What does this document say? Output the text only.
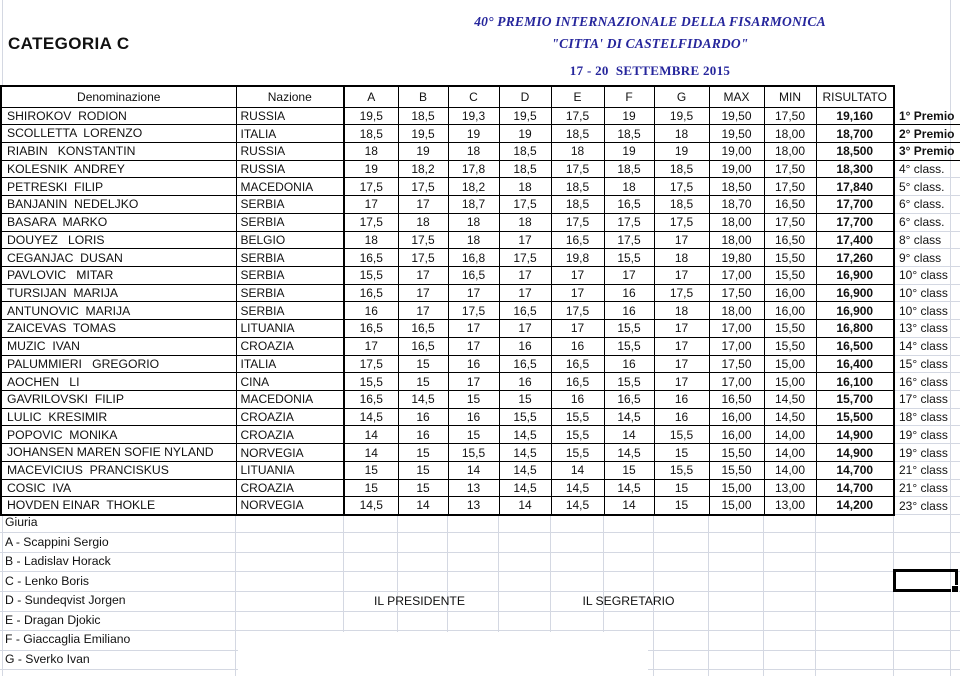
CATEGORIA C
40° PREMIO INTERNAZIONALE DELLA FISARMONICA
"CITTA' DI CASTELFIDARDO"
17 - 20  SETTEMBRE 2015
Denominazione	Nazione	A	B	C	D	E	F	G	MAX	MIN	RISULTATO	
SHIROKOV  RODION	RUSSIA	19,5	18,5	19,3	19,5	17,5	19	19,5	19,50	17,50	19,160	1° Premio
SCOLLETTA  LORENZO	ITALIA	18,5	19,5	19	19	18,5	18,5	18	19,50	18,00	18,700	2° Premio
RIABIN   KONSTANTIN	RUSSIA	18	19	18	18,5	18	19	19	19,00	18,00	18,500	3° Premio
KOLESNIK  ANDREY	RUSSIA	19	18,2	17,8	18,5	17,5	18,5	18,5	19,00	17,50	18,300	4° class.
PETRESKI  FILIP	MACEDONIA	17,5	17,5	18,2	18	18,5	18	17,5	18,50	17,50	17,840	5° class.
BANJANIN  NEDELJKO	SERBIA	17	17	18,7	17,5	18,5	16,5	18,5	18,70	16,50	17,700	6° class.
BASARA  MARKO	SERBIA	17,5	18	18	18	17,5	17,5	17,5	18,00	17,50	17,700	6° class.
DOUYEZ   LORIS	BELGIO	18	17,5	18	17	16,5	17,5	17	18,00	16,50	17,400	8° class
CEGANJAC  DUSAN	SERBIA	16,5	17,5	16,8	17,5	19,8	15,5	18	19,80	15,50	17,260	9° class
PAVLOVIC   MITAR	SERBIA	15,5	17	16,5	17	17	17	17	17,00	15,50	16,900	10° class
TURSIJAN  MARIJA	SERBIA	16,5	17	17	17	17	16	17,5	17,50	16,00	16,900	10° class
ANTUNOVIC  MARIJA	SERBIA	16	17	17,5	16,5	17,5	16	18	18,00	16,00	16,900	10° class
ZAICEVAS  TOMAS	LITUANIA	16,5	16,5	17	17	17	15,5	17	17,00	15,50	16,800	13° class
MUZIC  IVAN	CROAZIA	17	16,5	17	16	16	15,5	17	17,00	15,50	16,500	14° class
PALUMMIERI   GREGORIO	ITALIA	17,5	15	16	16,5	16,5	16	17	17,50	15,00	16,400	15° class
AOCHEN   LI	CINA	15,5	15	17	16	16,5	15,5	17	17,00	15,00	16,100	16° class
GAVRILOVSKI  FILIP	MACEDONIA	16,5	14,5	15	15	16	16,5	16	16,50	14,50	15,700	17° class
LULIC  KRESIMIR	CROAZIA	14,5	16	16	15,5	15,5	14,5	16	16,00	14,50	15,500	18° class
POPOVIC  MONIKA	CROAZIA	14	16	15	14,5	15,5	14	15,5	16,00	14,00	14,900	19° class
JOHANSEN MAREN SOFIE NYLAND	NORVEGIA	14	15	15,5	14,5	15,5	14,5	15	15,50	14,00	14,900	19° class
MACEVICIUS  PRANCISKUS	LITUANIA	15	15	14	14,5	14	15	15,5	15,50	14,00	14,700	21° class
COSIC  IVA	CROAZIA	15	15	13	14,5	14,5	14,5	15	15,00	13,00	14,700	21° class
HOVDEN EINAR  THOKLE	NORVEGIA	14,5	14	13	14	14,5	14	15	15,00	13,00	14,200	23° class
Giuria
A - Scappini Sergio
B - Ladislav Horack
C - Lenko Boris
D - Sundeqvist Jorgen
E - Dragan Djokic
F - Giaccaglia Emiliano
G - Sverko Ivan
IL PRESIDENTE	IL SEGRETARIO
